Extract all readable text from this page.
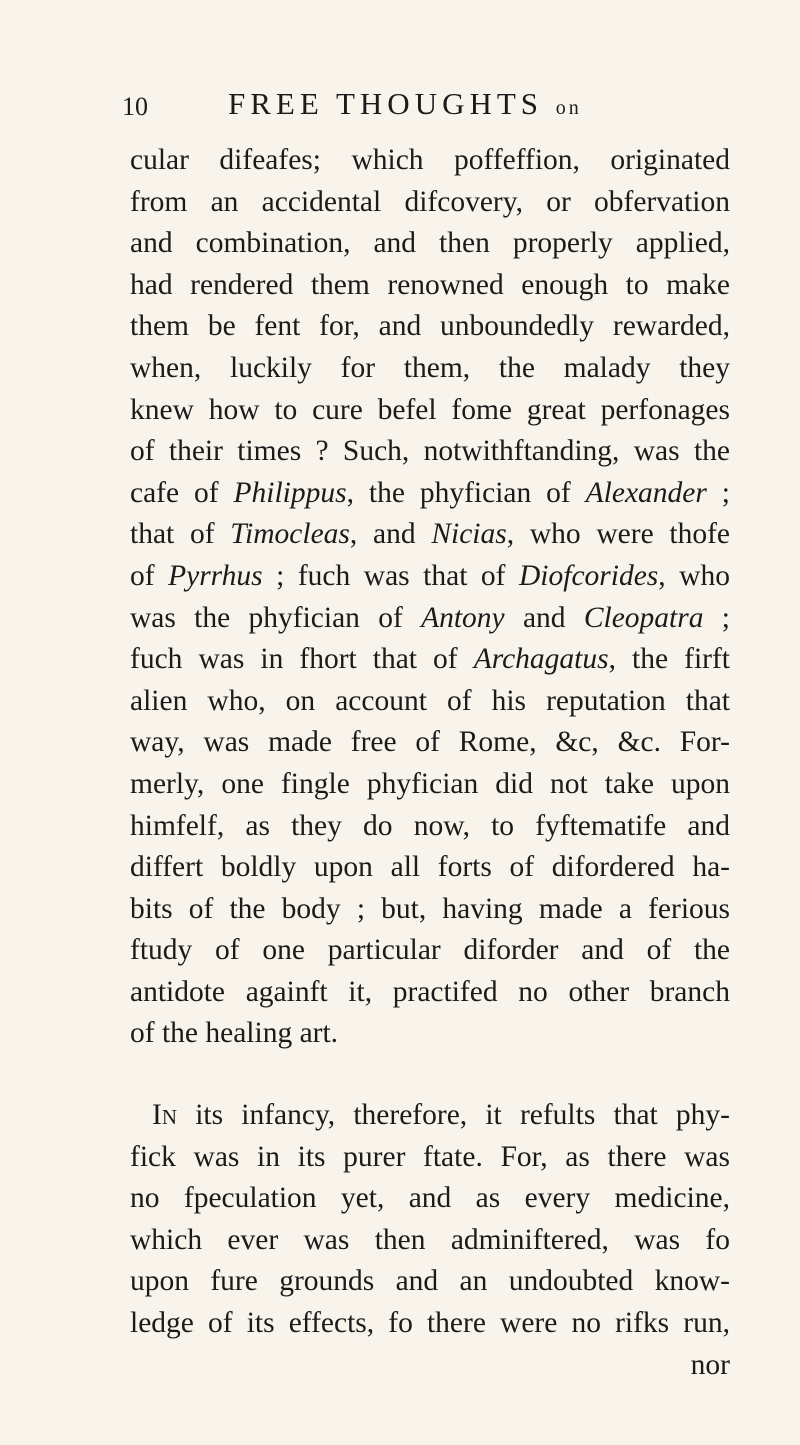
10	FREE THOUGHTS on
cular difeafes; which poffeffion, originated
from an accidental difcovery, or obfervation
and combination, and then properly applied,
had rendered them renowned enough to make
them be fent for, and unboundedly rewarded,
when, luckily for them, the malady they
knew how to cure befel fome great perfonages
of their times ? Such, notwithftanding, was the
cafe of Philippus, the phyfician of Alexander ;
that of Timocleas, and Nicias, who were thofe
of Pyrrhus ; fuch was that of Diofcorides, who
was the phyfician of Antony and Cleopatra ;
fuch was in fhort that of Archagatus, the firft
alien who, on account of his reputation that
way, was made free of Rome, &c, &c. For-
merly, one fingle phyfician did not take upon
himfelf, as they do now, to fyftematife and
differt boldly upon all forts of difordered ha-
bits of the body ; but, having made a ferious
ftudy of one particular diforder and of the
antidote againft it, practifed no other branch
of the healing art.
In its infancy, therefore, it refults that phy-
fick was in its purer ftate. For, as there was
no fpeculation yet, and as every medicine,
which ever was then adminiftered, was fo
upon fure grounds and an undoubted know-
ledge of its effects, fo there were no rifks run,
nor
